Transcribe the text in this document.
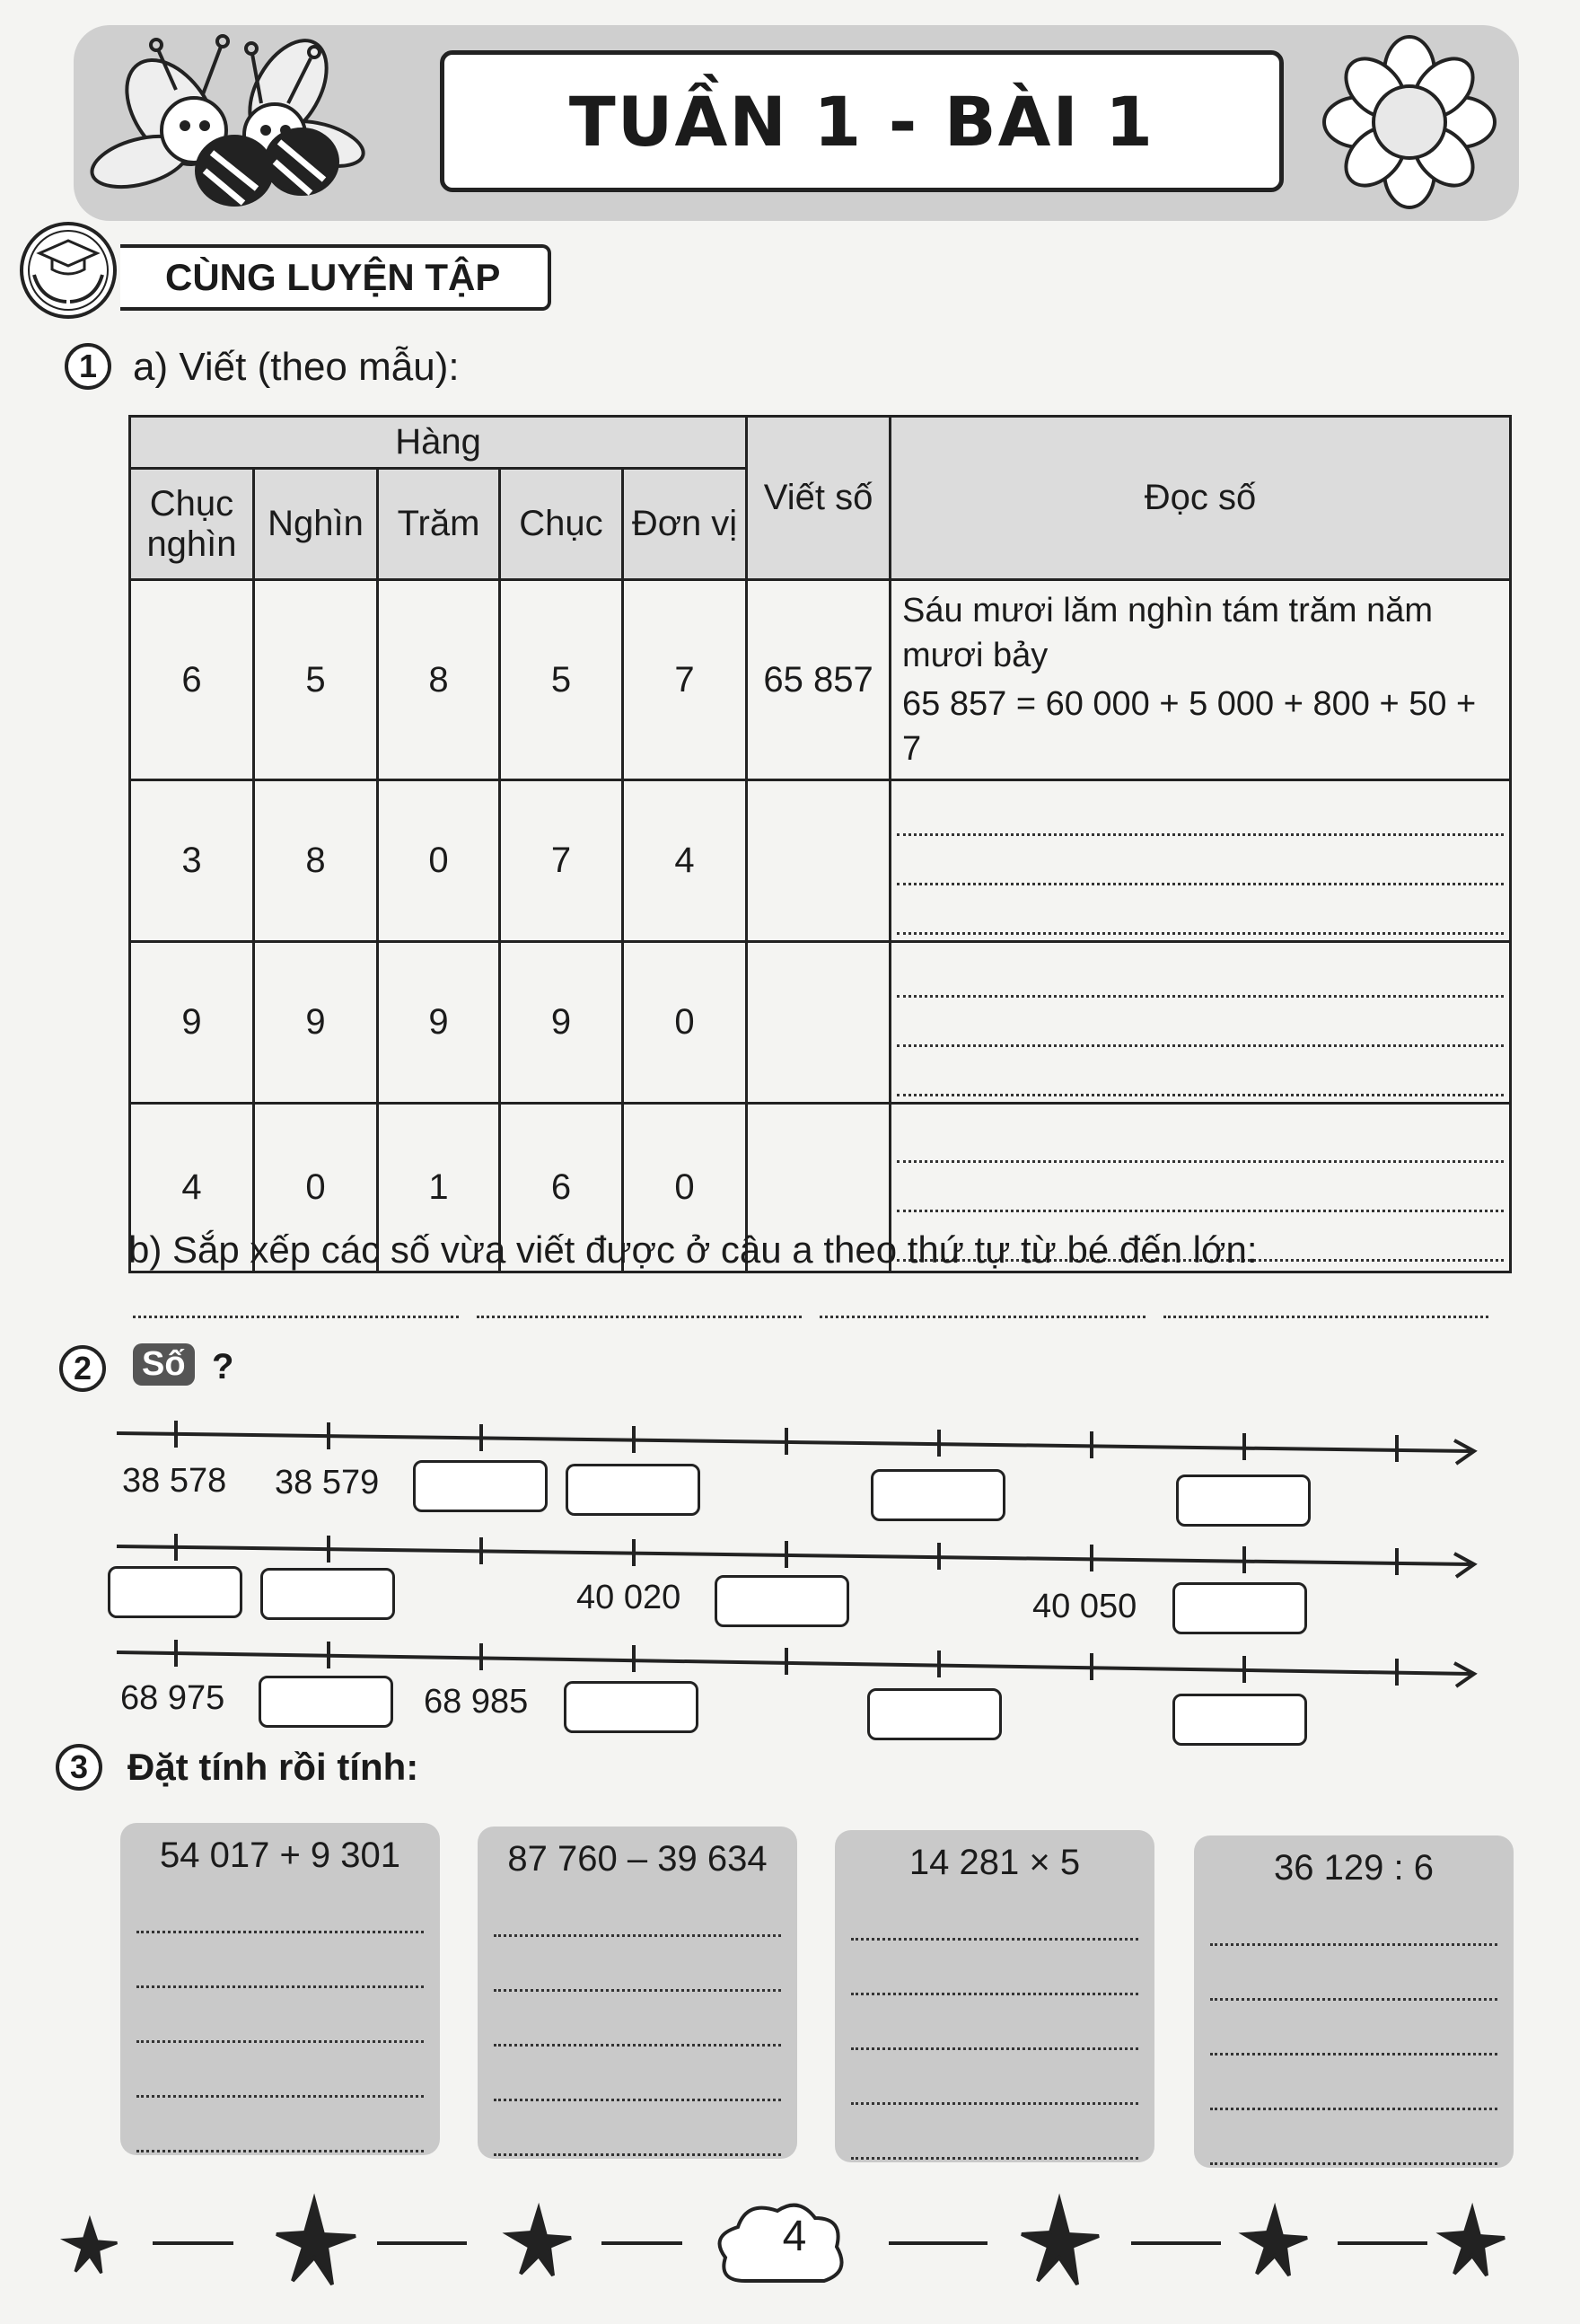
TUẦN 1 - BÀI 1
CÙNG LUYỆN TẬP
1 a) Viết (theo mẫu):
Hàng					Viết số	Đọc số
Chục nghìn	Nghìn	Trăm	Chục	Đơn vị		
6	5	8	5	7	65 857	Sáu mươi lăm nghìn tám trăm năm
mươi bảy
65 857 = 60 000 + 5 000 + 800 + 50 + 7

3	8	0	7	4		

9	9	9	9	0		

4	0	1	6	0		
b) Sắp xếp các số vừa viết được ở câu a theo thứ tự từ bé đến lớn:
2	Số ?
38 578 38 579
40 020	40 050
68 975	68 985
3	Đặt tính rồi tính:
54 017 + 9 301	87 760 – 39 634	14 281 × 5	36 129 : 6
4
